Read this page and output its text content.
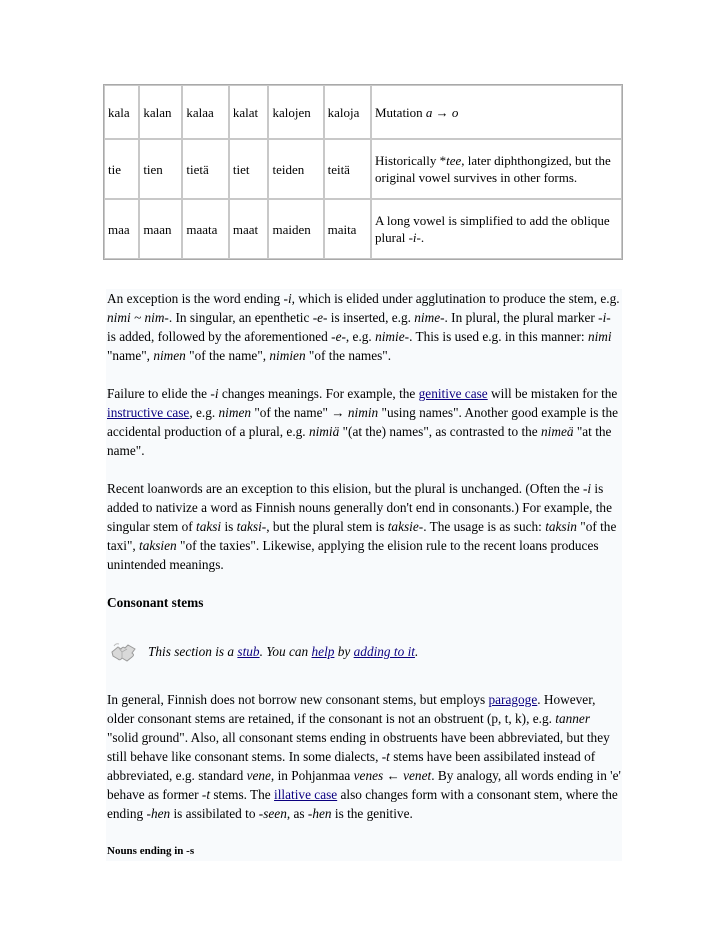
kala	kalan	kalaa	kalat	kalojen	kaloja	Mutation a → o
tie	tien	tietä	tiet	teiden	teitä	Historically *tee, later diphthongized, but the original vowel survives in other forms.
maa	maan	maata	maat	maiden	maita	A long vowel is simplified to add the oblique plural -i-.

An exception is the word ending -i, which is elided under agglutination to produce the stem, e.g. nimi ~ nim-. In singular, an epenthetic -e- is inserted, e.g. nime-. In plural, the plural marker -i- is added, followed by the aforementioned -e-, e.g. nimie-. This is used e.g. in this manner: nimi "name", nimen "of the name", nimien "of the names".

Failure to elide the -i changes meanings. For example, the genitive case will be mistaken for the instructive case, e.g. nimen "of the name" → nimin "using names". Another good example is the accidental production of a plural, e.g. nimiä "(at the) names", as contrasted to the nimeä "at the name".

Recent loanwords are an exception to this elision, but the plural is unchanged. (Often the -i is added to nativize a word as Finnish nouns generally don't end in consonants.) For example, the singular stem of taksi is taksi-, but the plural stem is taksie-. The usage is as such: taksin "of the taxi", taksien "of the taxies". Likewise, applying the elision rule to the recent loans produces unintended meanings.

Consonant stems
This section is a stub. You can help by adding to it.

In general, Finnish does not borrow new consonant stems, but employs paragoge. However, older consonant stems are retained, if the consonant is not an obstruent (p, t, k), e.g. tanner "solid ground". Also, all consonant stems ending in obstruents have been abbreviated, but they still behave like consonant stems. In some dialects, -t stems have been assibilated instead of abbreviated, e.g. standard vene, in Pohjanmaa venes ← venet. By analogy, all words ending in 'e' behave as former -t stems. The illative case also changes form with a consonant stem, where the ending -hen is assibilated to -seen, as -hen is the genitive.

Nouns ending in -s
